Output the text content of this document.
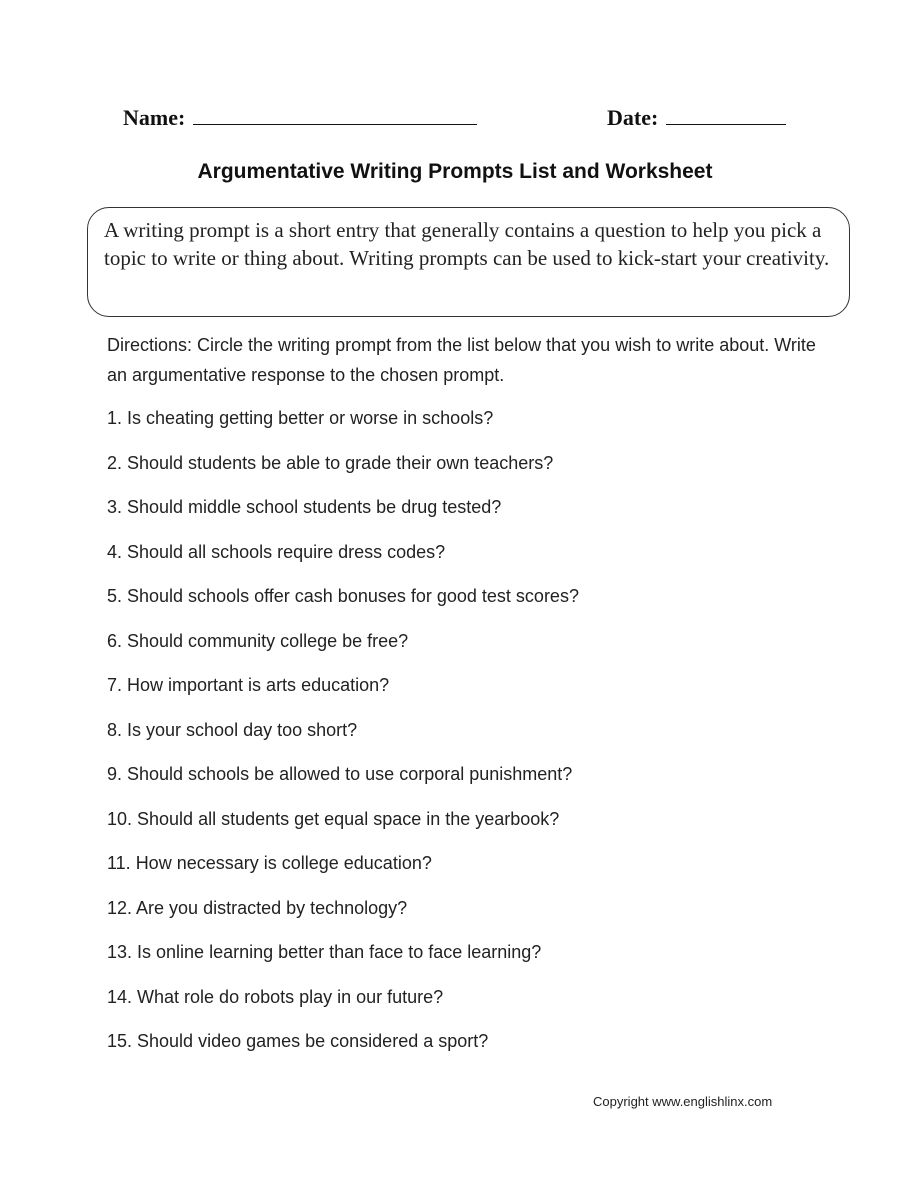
Name:	Date:
Argumentative Writing Prompts List and Worksheet
A writing prompt is a short entry that generally contains a question to help you pick a topic to write or thing about. Writing prompts can be used to kick-start your creativity.
Directions: Circle the writing prompt from the list below that you wish to write about. Write an argumentative response to the chosen prompt.
1. Is cheating getting better or worse in schools?
2. Should students be able to grade their own teachers?
3. Should middle school students be drug tested?
4. Should all schools require dress codes?
5. Should schools offer cash bonuses for good test scores?
6. Should community college be free?
7. How important is arts education?
8. Is your school day too short?
9. Should schools be allowed to use corporal punishment?
10. Should all students get equal space in the yearbook?
11. How necessary is college education?
12. Are you distracted by technology?
13. Is online learning better than face to face learning?
14. What role do robots play in our future?
15. Should video games be considered a sport?
Copyright www.englishlinx.com
